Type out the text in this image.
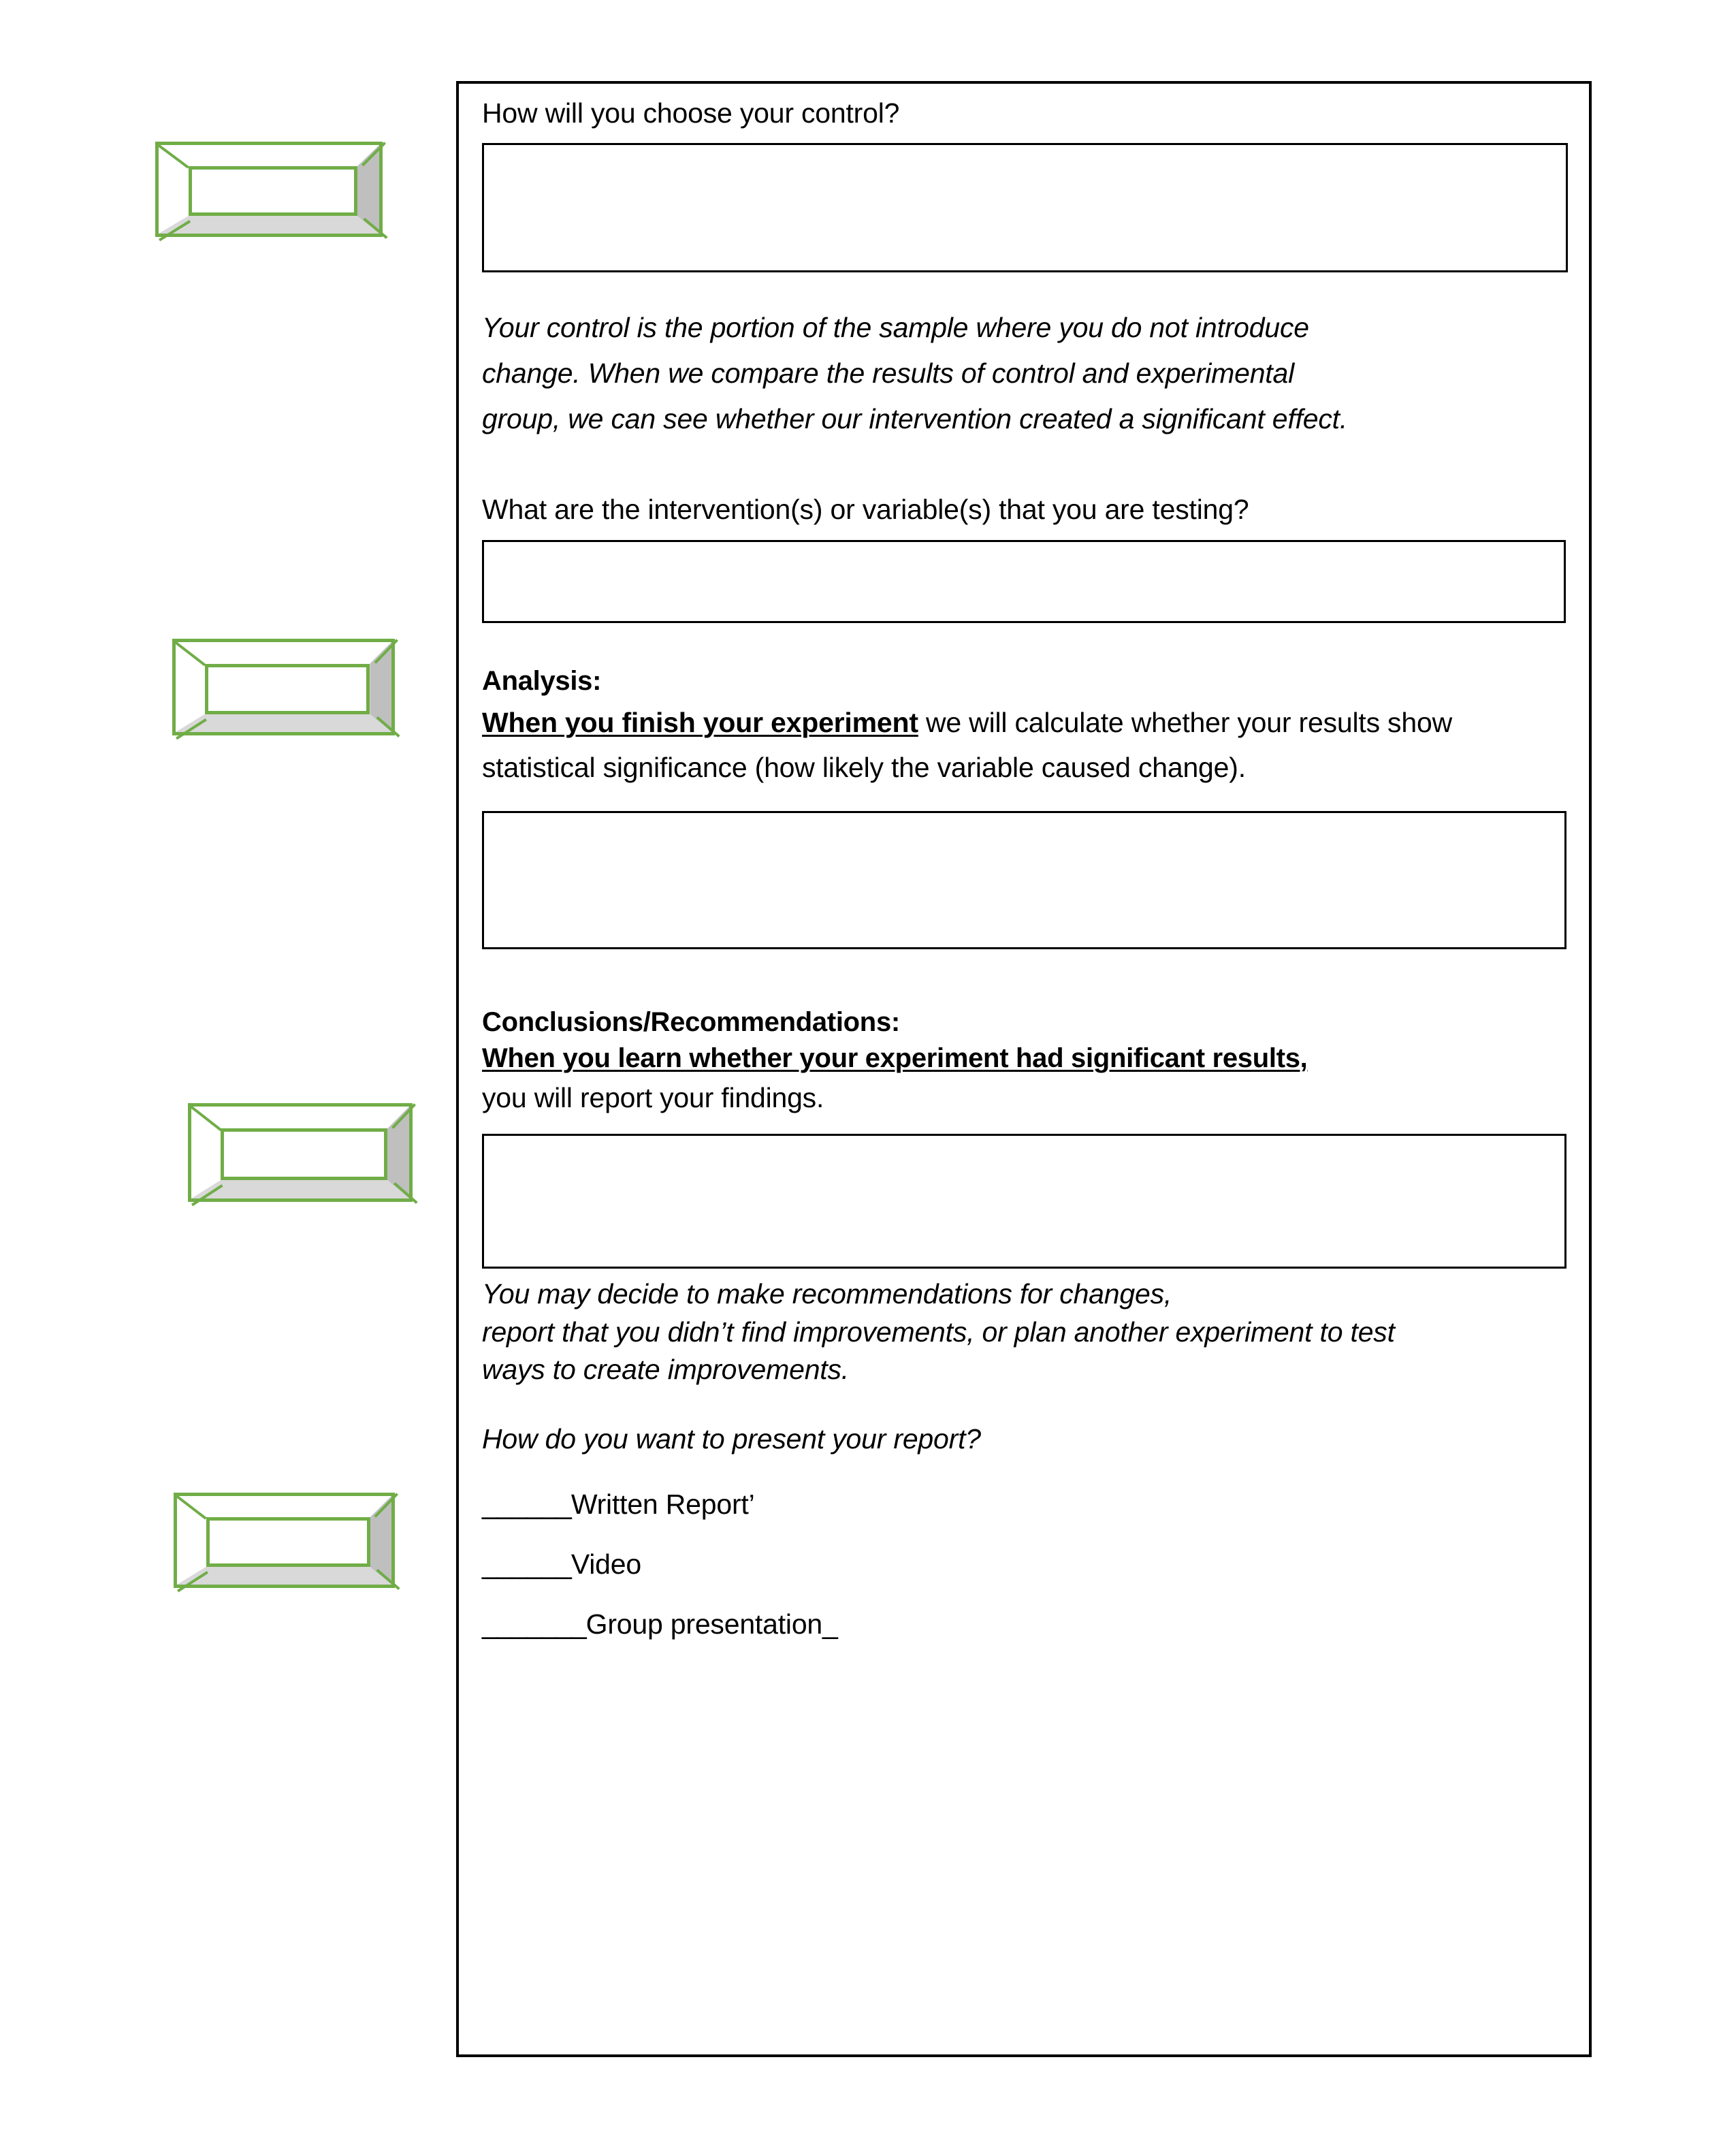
How will you choose your control?
Your control is the portion of the sample where you do not introduce
change. When we compare the results of control and experimental
group, we can see whether our intervention created a significant effect.
What are the intervention(s) or variable(s) that you are testing?
Analysis:
When you finish your experiment we will calculate whether your results show statistical significance (how likely the variable caused change).
Conclusions/Recommendations:
When you learn whether your experiment had significant results,
you will report your findings.
You may decide to make recommendations for changes,
report that you didn’t find improvements, or plan another experiment to test
ways to create improvements.
How do you want to present your report?
______Written Report’
______Video
_______Group presentation_
